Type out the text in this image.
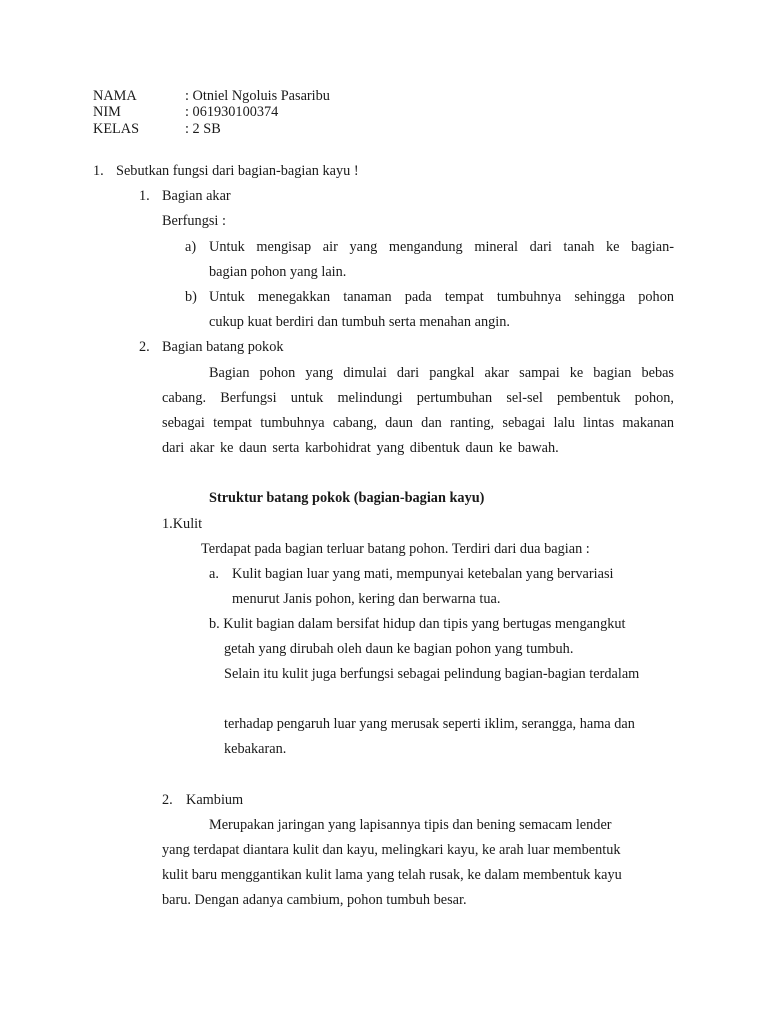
NAMA	: Otniel Ngoluis Pasaribu
NIM	: 061930100374
KELAS	: 2 SB
1. Sebutkan fungsi dari bagian-bagian kayu !
1. Bagian akar
Berfungsi :
a) Untuk mengisap air yang mengandung mineral dari tanah ke bagian-
bagian pohon yang lain.
b) Untuk menegakkan tanaman pada tempat tumbuhnya sehingga pohon
cukup kuat berdiri dan tumbuh serta menahan angin.
2. Bagian batang pokok
Bagian pohon yang dimulai dari pangkal akar sampai ke bagian bebas
cabang. Berfungsi untuk melindungi pertumbuhan sel-sel pembentuk pohon,
sebagai tempat tumbuhnya cabang, daun dan ranting, sebagai lalu lintas makanan
dari akar ke daun serta karbohidrat yang dibentuk daun ke bawah.
Struktur batang pokok (bagian-bagian kayu)
1.Kulit
Terdapat pada bagian terluar batang pohon. Terdiri dari dua bagian :
a. Kulit bagian luar yang mati, mempunyai ketebalan yang bervariasi
menurut Janis pohon, kering dan berwarna tua.
b. Kulit bagian dalam bersifat hidup dan tipis yang bertugas mengangkut
getah yang dirubah oleh daun ke bagian pohon yang tumbuh.
Selain itu kulit juga berfungsi sebagai pelindung bagian-bagian terdalam
terhadap pengaruh luar yang merusak seperti iklim, serangga, hama dan
kebakaran.
2. Kambium
Merupakan jaringan yang lapisannya tipis dan bening semacam lender
yang terdapat diantara kulit dan kayu, melingkari kayu, ke arah luar membentuk
kulit baru menggantikan kulit lama yang telah rusak, ke dalam membentuk kayu
baru. Dengan adanya cambium, pohon tumbuh besar.
